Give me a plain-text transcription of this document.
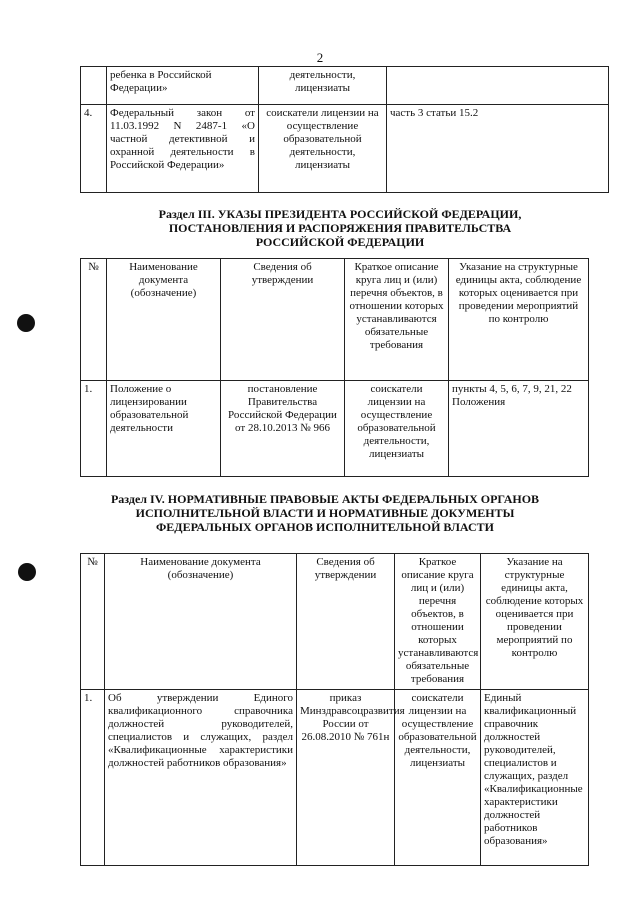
2
	ребенка в Российской Федерации»	деятельности, лицензиаты	
4.	Федеральный закон от 11.03.1992 N 2487-1 «О частной детективной и охранной деятельности в Российской Федерации»	соискатели лицензии на осуществление образовательной деятельности, лицензиаты	часть 3 статьи 15.2
Раздел III. УКАЗЫ ПРЕЗИДЕНТА РОССИЙСКОЙ ФЕДЕРАЦИИ, ПОСТАНОВЛЕНИЯ И РАСПОРЯЖЕНИЯ ПРАВИТЕЛЬСТВА РОССИЙСКОЙ ФЕДЕРАЦИИ
№	Наименование документа (обозначение)	Сведения об утверждении	Краткое описание круга лиц и (или) перечня объектов, в отношении которых устанавливаются обязательные требования	Указание на структурные единицы акта, соблюдение которых оценивается при проведении мероприятий по контролю
1.	Положение о лицензировании образовательной деятельности	постановление Правительства Российской Федерации от 28.10.2013 № 966	соискатели лицензии на осуществление образовательной деятельности, лицензиаты	пункты 4, 5, 6, 7, 9, 21, 22 Положения
Раздел IV. НОРМАТИВНЫЕ ПРАВОВЫЕ АКТЫ ФЕДЕРАЛЬНЫХ ОРГАНОВ ИСПОЛНИТЕЛЬНОЙ ВЛАСТИ И НОРМАТИВНЫЕ ДОКУМЕНТЫ ФЕДЕРАЛЬНЫХ ОРГАНОВ ИСПОЛНИТЕЛЬНОЙ ВЛАСТИ
№	Наименование документа (обозначение)	Сведения об утверждении	Краткое описание круга лиц и (или) перечня объектов, в отношении которых устанавливаются обязательные требования	Указание на структурные единицы акта, соблюдение которых оценивается при проведении мероприятий по контролю
1.	Об утверждении Единого квалификационного справочника должностей руководителей, специалистов и служащих, раздел «Квалификационные характеристики должностей работников образования»	приказ Минздравсоцразвития России от 26.08.2010 № 761н	соискатели лицензии на осуществление образовательной деятельности, лицензиаты	Единый квалификационный справочник должностей руководителей, специалистов и служащих, раздел «Квалификационные характеристики должностей работников образования»
